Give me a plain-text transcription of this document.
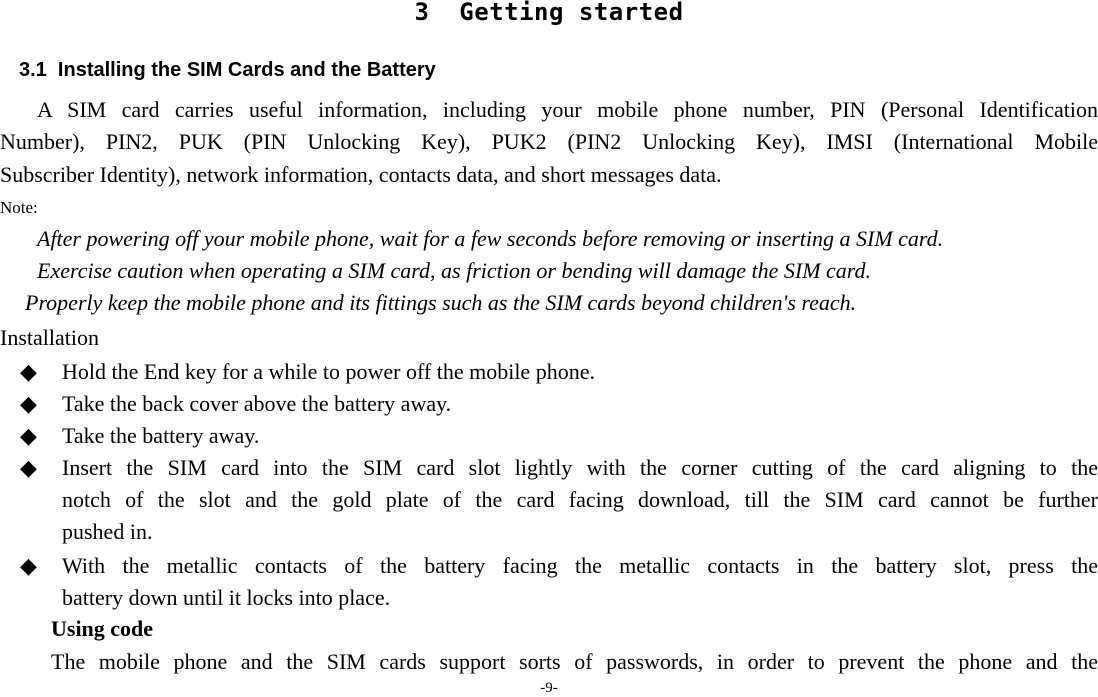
3  Getting started
3.1  Installing the SIM Cards and the Battery
A SIM card carries useful information, including your mobile phone number, PIN (Personal Identification
Number), PIN2, PUK (PIN Unlocking Key), PUK2 (PIN2 Unlocking Key), IMSI (International Mobile
Subscriber Identity), network information, contacts data, and short messages data.
Note:
After powering off your mobile phone, wait for a few seconds before removing or inserting a SIM card.
Exercise caution when operating a SIM card, as friction or bending will damage the SIM card.
Properly keep the mobile phone and its fittings such as the SIM cards beyond children's reach.
Installation
◆ Hold the End key for a while to power off the mobile phone.
◆ Take the back cover above the battery away.
◆ Take the battery away.
◆ Insert the SIM card into the SIM card slot lightly with the corner cutting of the card aligning to the
notch of the slot and the gold plate of the card facing download, till the SIM card cannot be further
pushed in.
◆ With  the  metallic  contacts  of  the  battery  facing  the  metallic  contacts  in  the  battery  slot,  press  the
battery down until it locks into place.
Using code
The mobile phone and the SIM cards support sorts of passwords, in order to prevent the phone and the
-9-
